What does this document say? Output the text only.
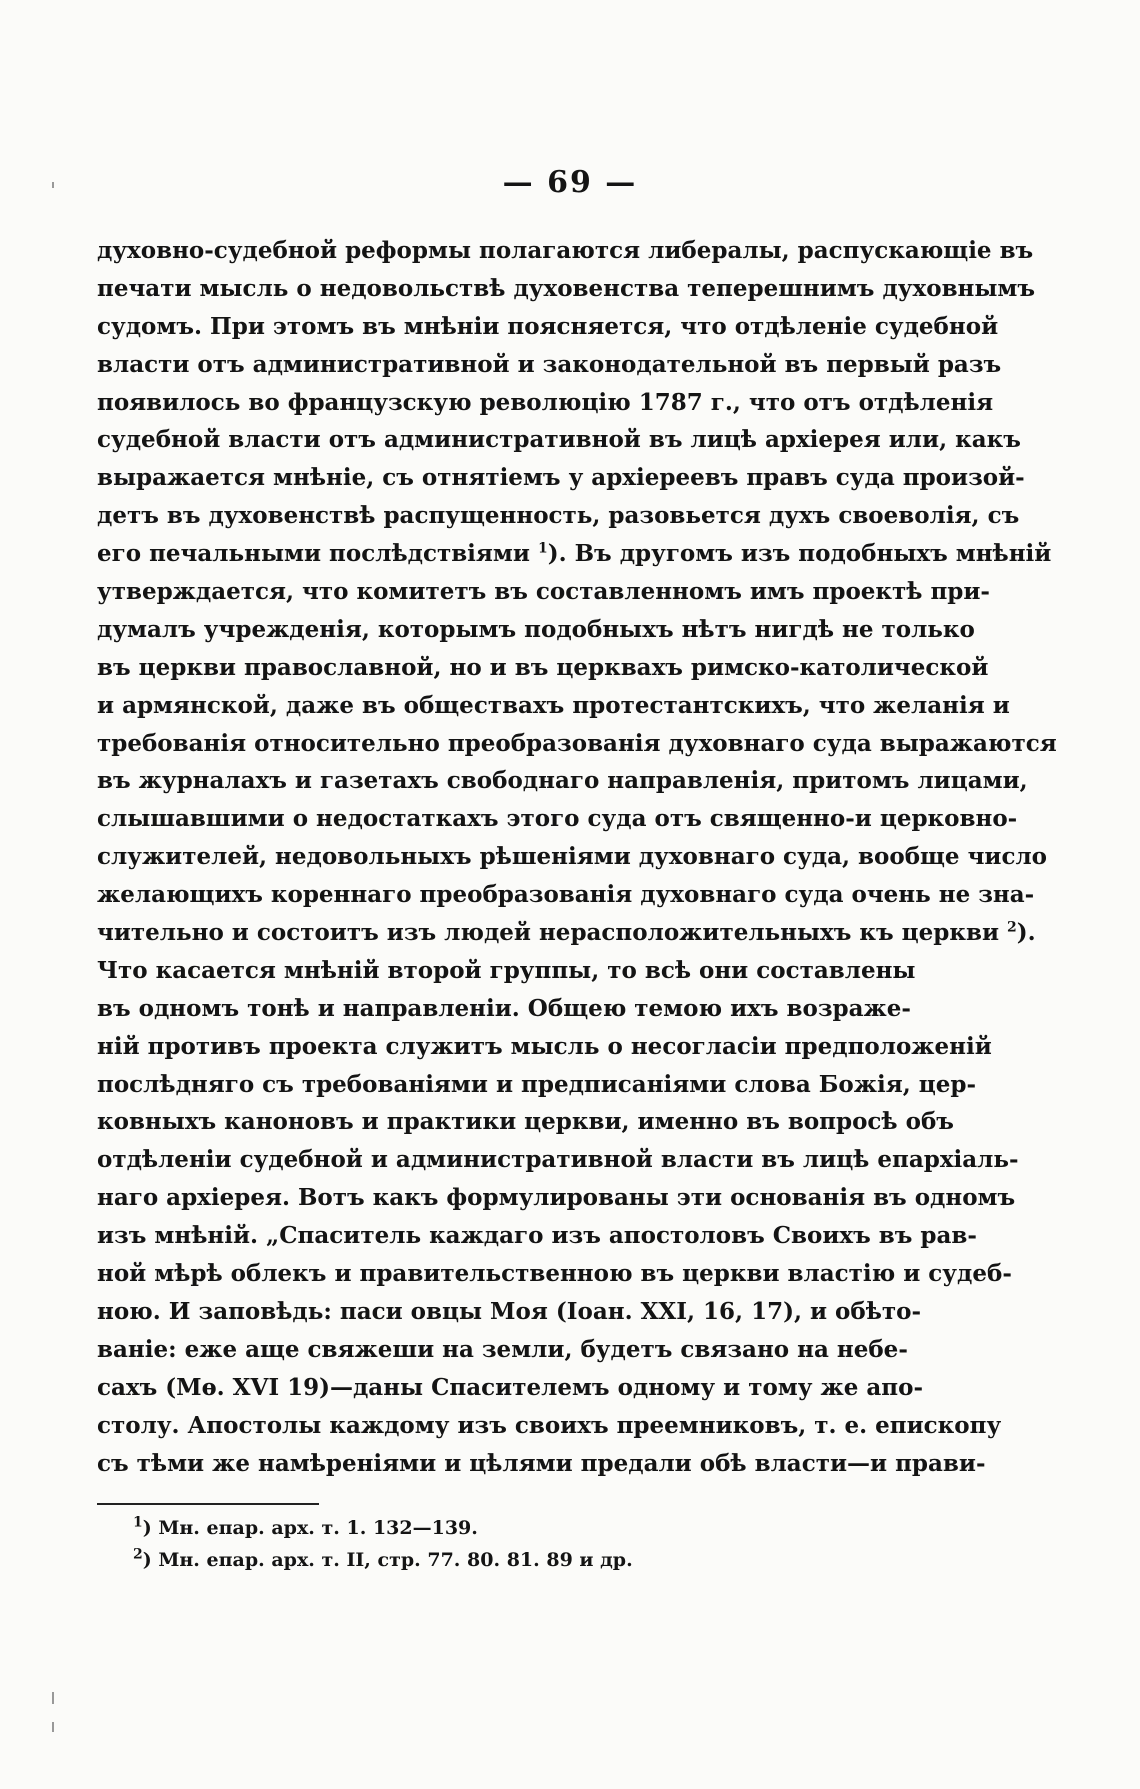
— 69 —
духовно-судебной реформы полагаются либералы, распускающіе въ
печати мысль о недовольствѣ духовенства теперешнимъ духовнымъ
судомъ. При этомъ въ мнѣніи поясняется, что отдѣленіе судебной
власти отъ административной и законодательной въ первый разъ
появилось во французскую революцію 1787 г., что отъ отдѣленія
судебной власти отъ административной въ лицѣ архіерея или, какъ
выражается мнѣніе, съ отнятіемъ у архіереевъ правъ суда произой-
детъ въ духовенствѣ распущенность, разовьется духъ своеволія, съ
его печальными послѣдствіями $^1$). Въ другомъ изъ подобныхъ мнѣній
утверждается, что комитетъ въ составленномъ имъ проектѣ при-
думалъ учрежденія, которымъ подобныхъ нѣтъ нигдѣ не только
въ церкви православной, но и въ церквахъ римско-католической
и армянской, даже въ обществахъ протестантскихъ, что желанія и
требованія относительно преобразованія духовнаго суда выражаются
въ журналахъ и газетахъ свободнаго направленія, притомъ лицами,
слышавшими о недостаткахъ этого суда отъ священно-и церковно-
служителей, недовольныхъ рѣшеніями духовнаго суда, вообще число
желающихъ кореннаго преобразованія духовнаго суда очень не зна-
чительно и состоитъ изъ людей нерасположительныхъ къ церкви $^2$).
Что касается мнѣній второй группы, то всѣ они составлены
въ одномъ тонѣ и направленіи. Общею темою ихъ возраже-
ній противъ проекта служитъ мысль о несогласіи предположеній
послѣдняго съ требованіями и предписаніями слова Божія, цер-
ковныхъ каноновъ и практики церкви, именно въ вопросѣ объ
отдѣленіи судебной и административной власти въ лицѣ епархіаль-
наго архіерея. Вотъ какъ формулированы эти основанія въ одномъ
изъ мнѣній. „Спаситель каждаго изъ апостоловъ Своихъ въ рав-
ной мѣрѣ облекъ и правительственною въ церкви властію и судеб-
ною. И заповѣдь: паси овцы Моя (Іоан. XXI, 16, 17), и обѣто-
ваніе: еже аще свяжеши на земли, будетъ связано на небе-
сахъ (Мѳ. XVI 19)—даны Спасителемъ одному и тому же апо-
столу. Апостолы каждому изъ своихъ преемниковъ, т. е. епископу
съ тѣми же намѣреніями и цѣлями предали обѣ власти—и прави-
$^1$) Мн. епар. арх. т. 1. 132—139.
$^2$) Мн. епар. арх. т. II, стр. 77. 80. 81. 89 и др.
